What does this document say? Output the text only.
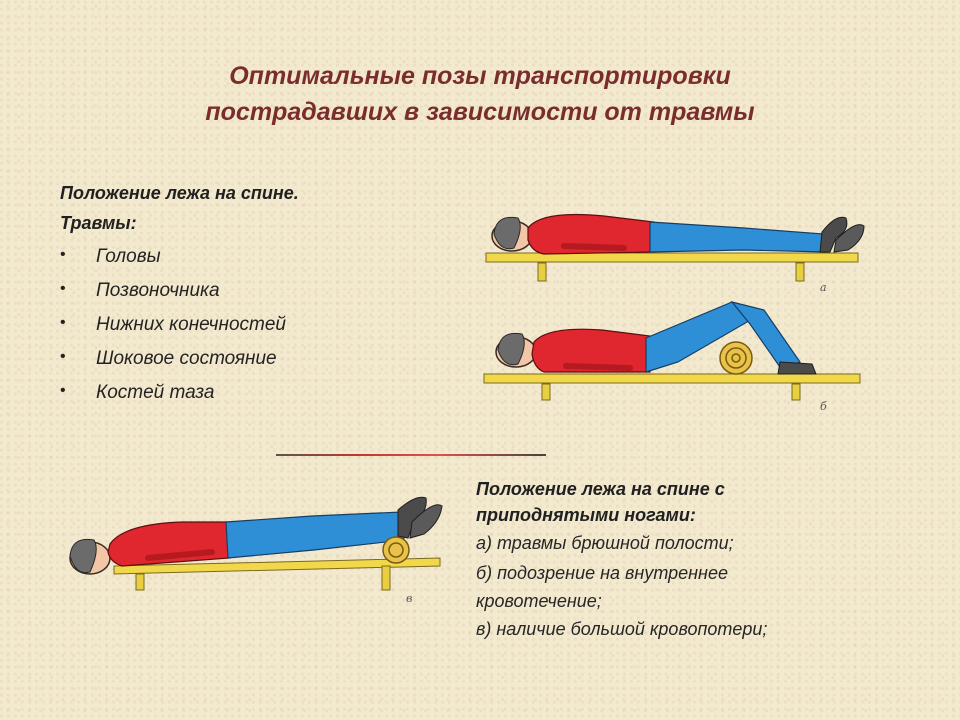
Оптимальные позы транспортировки
пострадавших в зависимости от травмы
Положение лежа на спине.
Травмы:
• Головы
• Позвоночника
• Нижних конечностей
• Шоковое состояние
• Костей таза
а
б
в
Положение лежа на спине с
приподнятыми ногами:
а) травмы брюшной полости;
б) подозрение на внутреннее
кровотечение;
в) наличие большой кровопотери;
